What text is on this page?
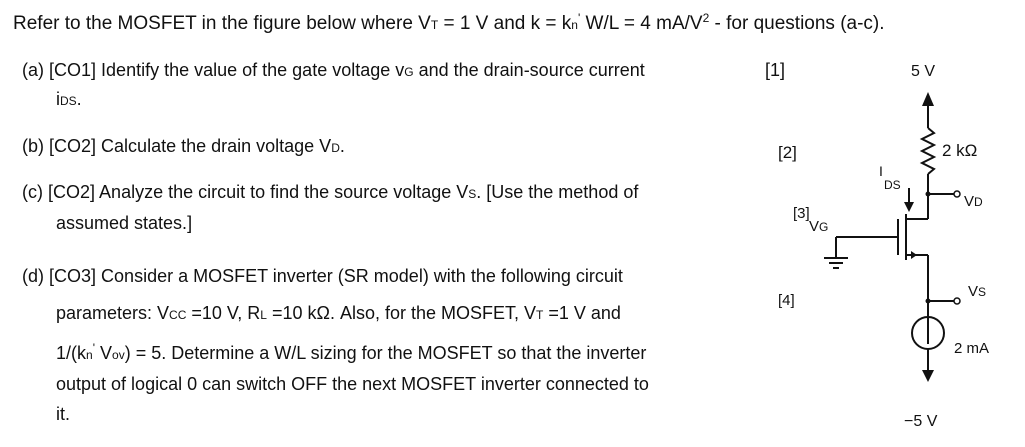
Refer to the MOSFET in the figure below where VT = 1 V and k = kn' W/L = 4 $mA/V^2$ - for questions (a-c).
(a) [CO1] Identify the value of the gate voltage vG and the drain-source current	[1]
iDS.
(b) [CO2] Calculate the drain voltage VD.	[2]
(c) [CO2] Analyze the circuit to find the source voltage VS. [Use the method of
assumed states.]	[3]
(d) [CO3] Consider a MOSFET inverter (SR model) with the following circuit
parameters: VCC =10 V, RL =10 kΩ. Also, for the MOSFET, VT =1 V and
[4]
1/(kn' Vov) = 5. Determine a W/L sizing for the MOSFET so that the inverter
output of logical 0 can switch OFF the next MOSFET inverter connected to
it.
5 V
2 kΩ
I
DS
VD
VG
VS
2 mA
−5 V
